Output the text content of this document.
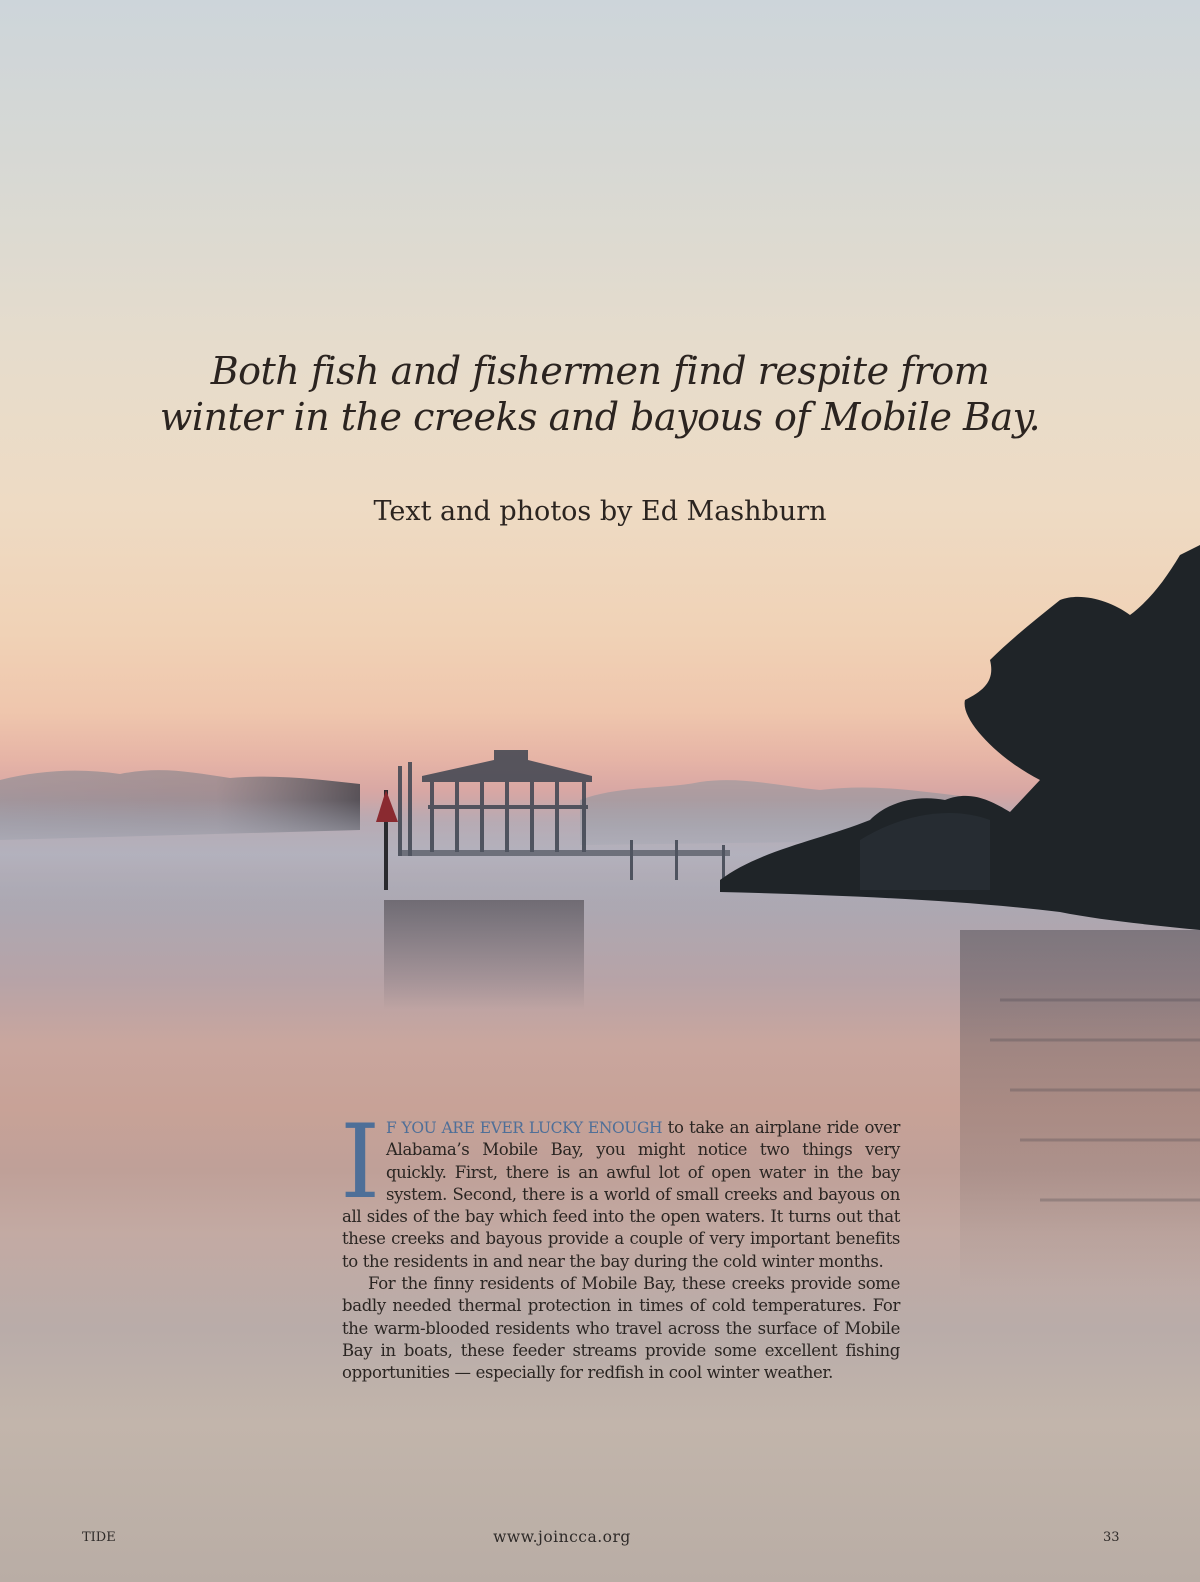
Both fish and fishermen find respite from
winter in the creeks and bayous of Mobile Bay.
Text and photos by Ed Mashburn

I F YOU ARE EVER LUCKY ENOUGH to take an airplane ride over Alabama’s Mobile Bay, you might notice two things very quickly. First, there is an awful lot of open water in the bay system. Second, there is a world of small creeks and bayous on all sides of the bay which feed into the open waters. It turns out that these creeks and bayous provide a couple of very important benefits to the residents in and near the bay during the cold winter months.

For the finny residents of Mobile Bay, these creeks provide some badly needed thermal protection in times of cold temperatures. For the warm-blooded residents who travel across the surface of Mobile Bay in boats, these feeder streams provide some excellent fishing opportunities — especially for redfish in cool winter weather.

TIDE	www.joincca.org	33
